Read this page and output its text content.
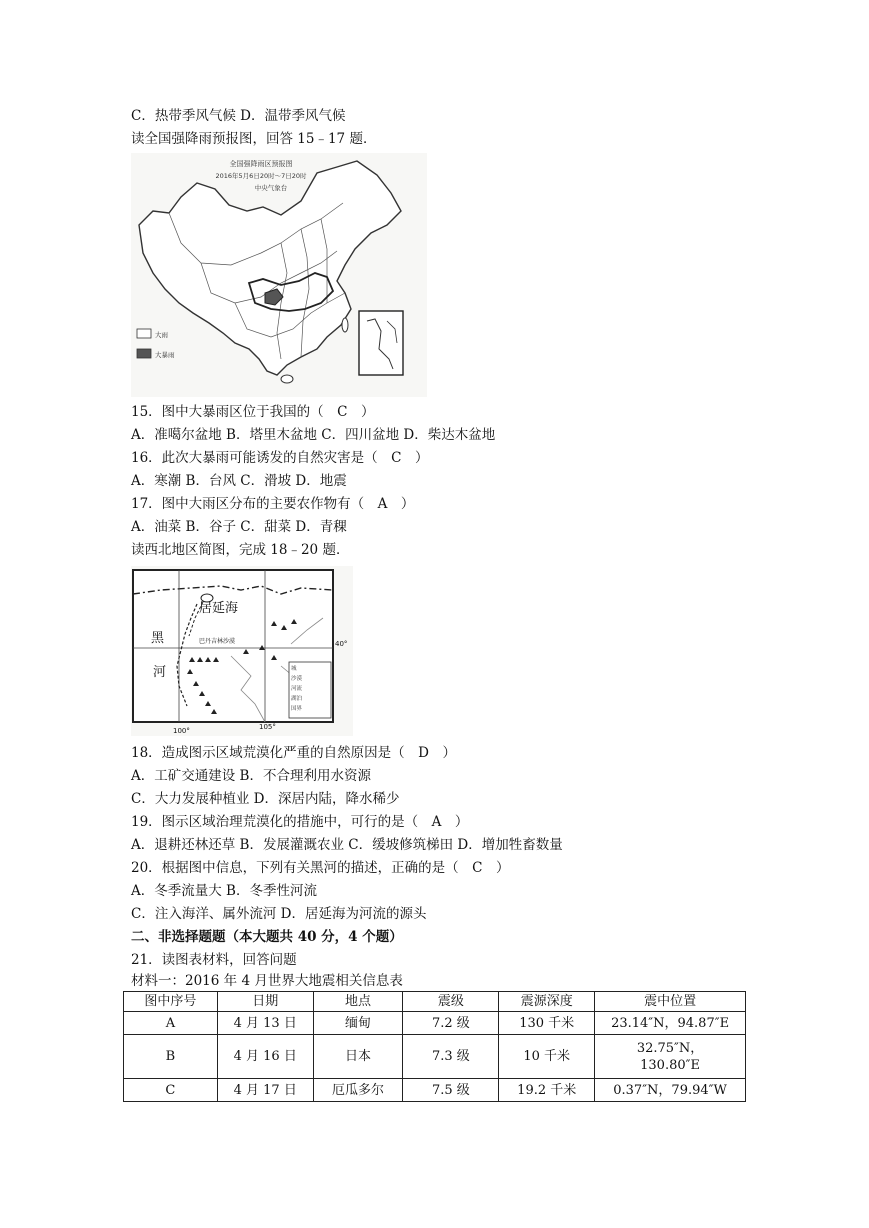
C．热带季风气候 D．温带季风气候
读全国强降雨预报图，回答 15﹣17 题．
全国强降雨区预报图
2016年5月6日20时～7日20时
中央气象台
大雨
大暴雨
15．图中大暴雨区位于我国的（　C　）
A．准噶尔盆地 B．塔里木盆地 C．四川盆地 D．柴达木盆地
16．此次大暴雨可能诱发的自然灾害是（　C　）
A．寒潮 B．台风 C．滑坡 D．地震
17．图中大雨区分布的主要农作物有（　A　）
A．油菜 B．谷子 C．甜菜 D．青稞
读西北地区简图，完成 18﹣20 题．
城
沙漠
河流
湖泊
国界
居延海
黑
河
巴丹吉林沙漠	40°
100°	105°
18．造成图示区域荒漠化严重的自然原因是（　D　）
A．工矿交通建设 B．不合理利用水资源
C．大力发展种植业 D．深居内陆，降水稀少
19．图示区域治理荒漠化的措施中，可行的是（　A　）
A．退耕还林还草 B．发展灌溉农业 C．缓坡修筑梯田 D．增加牲畜数量
20．根据图中信息，下列有关黑河的描述，正确的是（　C　）
A．冬季流量大 B．冬季性河流
C．注入海洋、属外流河 D．居延海为河流的源头
二、非选择题题（本大题共 40 分，4 个题）
21．读图表材料，回答问题
材料一：2016 年 4 月世界大地震相关信息表
图中序号	日期	地点	震级	震源深度	震中位置
A	4 月 13 日	缅甸	7.2 级	130 千米	23.14″N，94.87″E
B	4 月 16 日	日本	7.3 级	10 千米	32.75″N，
130.80″E

C	4 月 17 日	厄瓜多尔	7.5 级	19.2 千米	0.37″N，79.94″W
